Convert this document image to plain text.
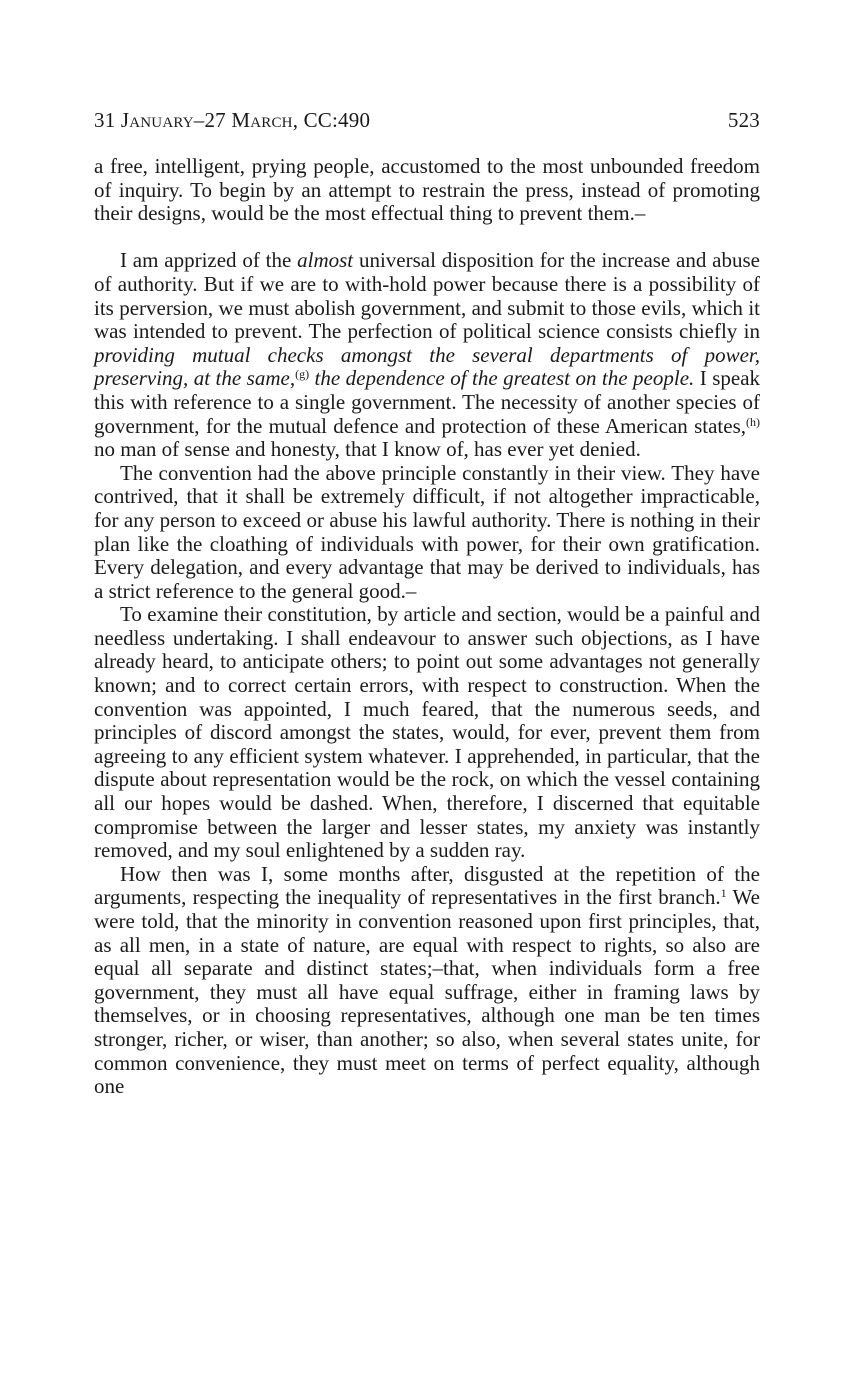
31 January–27 March, CC:490	523

a free, intelligent, prying people, accustomed to the most unbounded freedom of inquiry. To begin by an attempt to restrain the press, instead of promoting their designs, would be the most effectual thing to prevent them.–

I am apprized of the almost universal disposition for the increase and abuse of authority. But if we are to with-hold power because there is a possibility of its perversion, we must abolish government, and submit to those evils, which it was intended to prevent. The perfection of political science consists chiefly in providing mutual checks amongst the several departments of power, preserving, at the same,$^{(g)}$ the dependence of the greatest on the people. I speak this with reference to a single government. The necessity of another species of government, for the mutual defence and protection of these American states,$^{(h)}$ no man of sense and honesty, that I know of, has ever yet denied.

The convention had the above principle constantly in their view. They have contrived, that it shall be extremely difficult, if not altogether impracticable, for any person to exceed or abuse his lawful authority. There is nothing in their plan like the cloathing of individuals with power, for their own gratification. Every delegation, and every advantage that may be derived to individuals, has a strict reference to the general good.–

To examine their constitution, by article and section, would be a painful and needless undertaking. I shall endeavour to answer such objections, as I have already heard, to anticipate others; to point out some advantages not generally known; and to correct certain errors, with respect to construction. When the convention was appointed, I much feared, that the numerous seeds, and principles of discord amongst the states, would, for ever, prevent them from agreeing to any efficient system whatever. I apprehended, in particular, that the dispute about representation would be the rock, on which the vessel containing all our hopes would be dashed. When, therefore, I discerned that equitable compromise between the larger and lesser states, my anxiety was instantly removed, and my soul enlightened by a sudden ray.

How then was I, some months after, disgusted at the repetition of the arguments, respecting the inequality of representatives in the first branch.$^1$ We were told, that the minority in convention reasoned upon first principles, that, as all men, in a state of nature, are equal with respect to rights, so also are equal all separate and distinct states;–that, when individuals form a free government, they must all have equal suffrage, either in framing laws by themselves, or in choosing representatives, although one man be ten times stronger, richer, or wiser, than another; so also, when several states unite, for common convenience, they must meet on terms of perfect equality, although one
